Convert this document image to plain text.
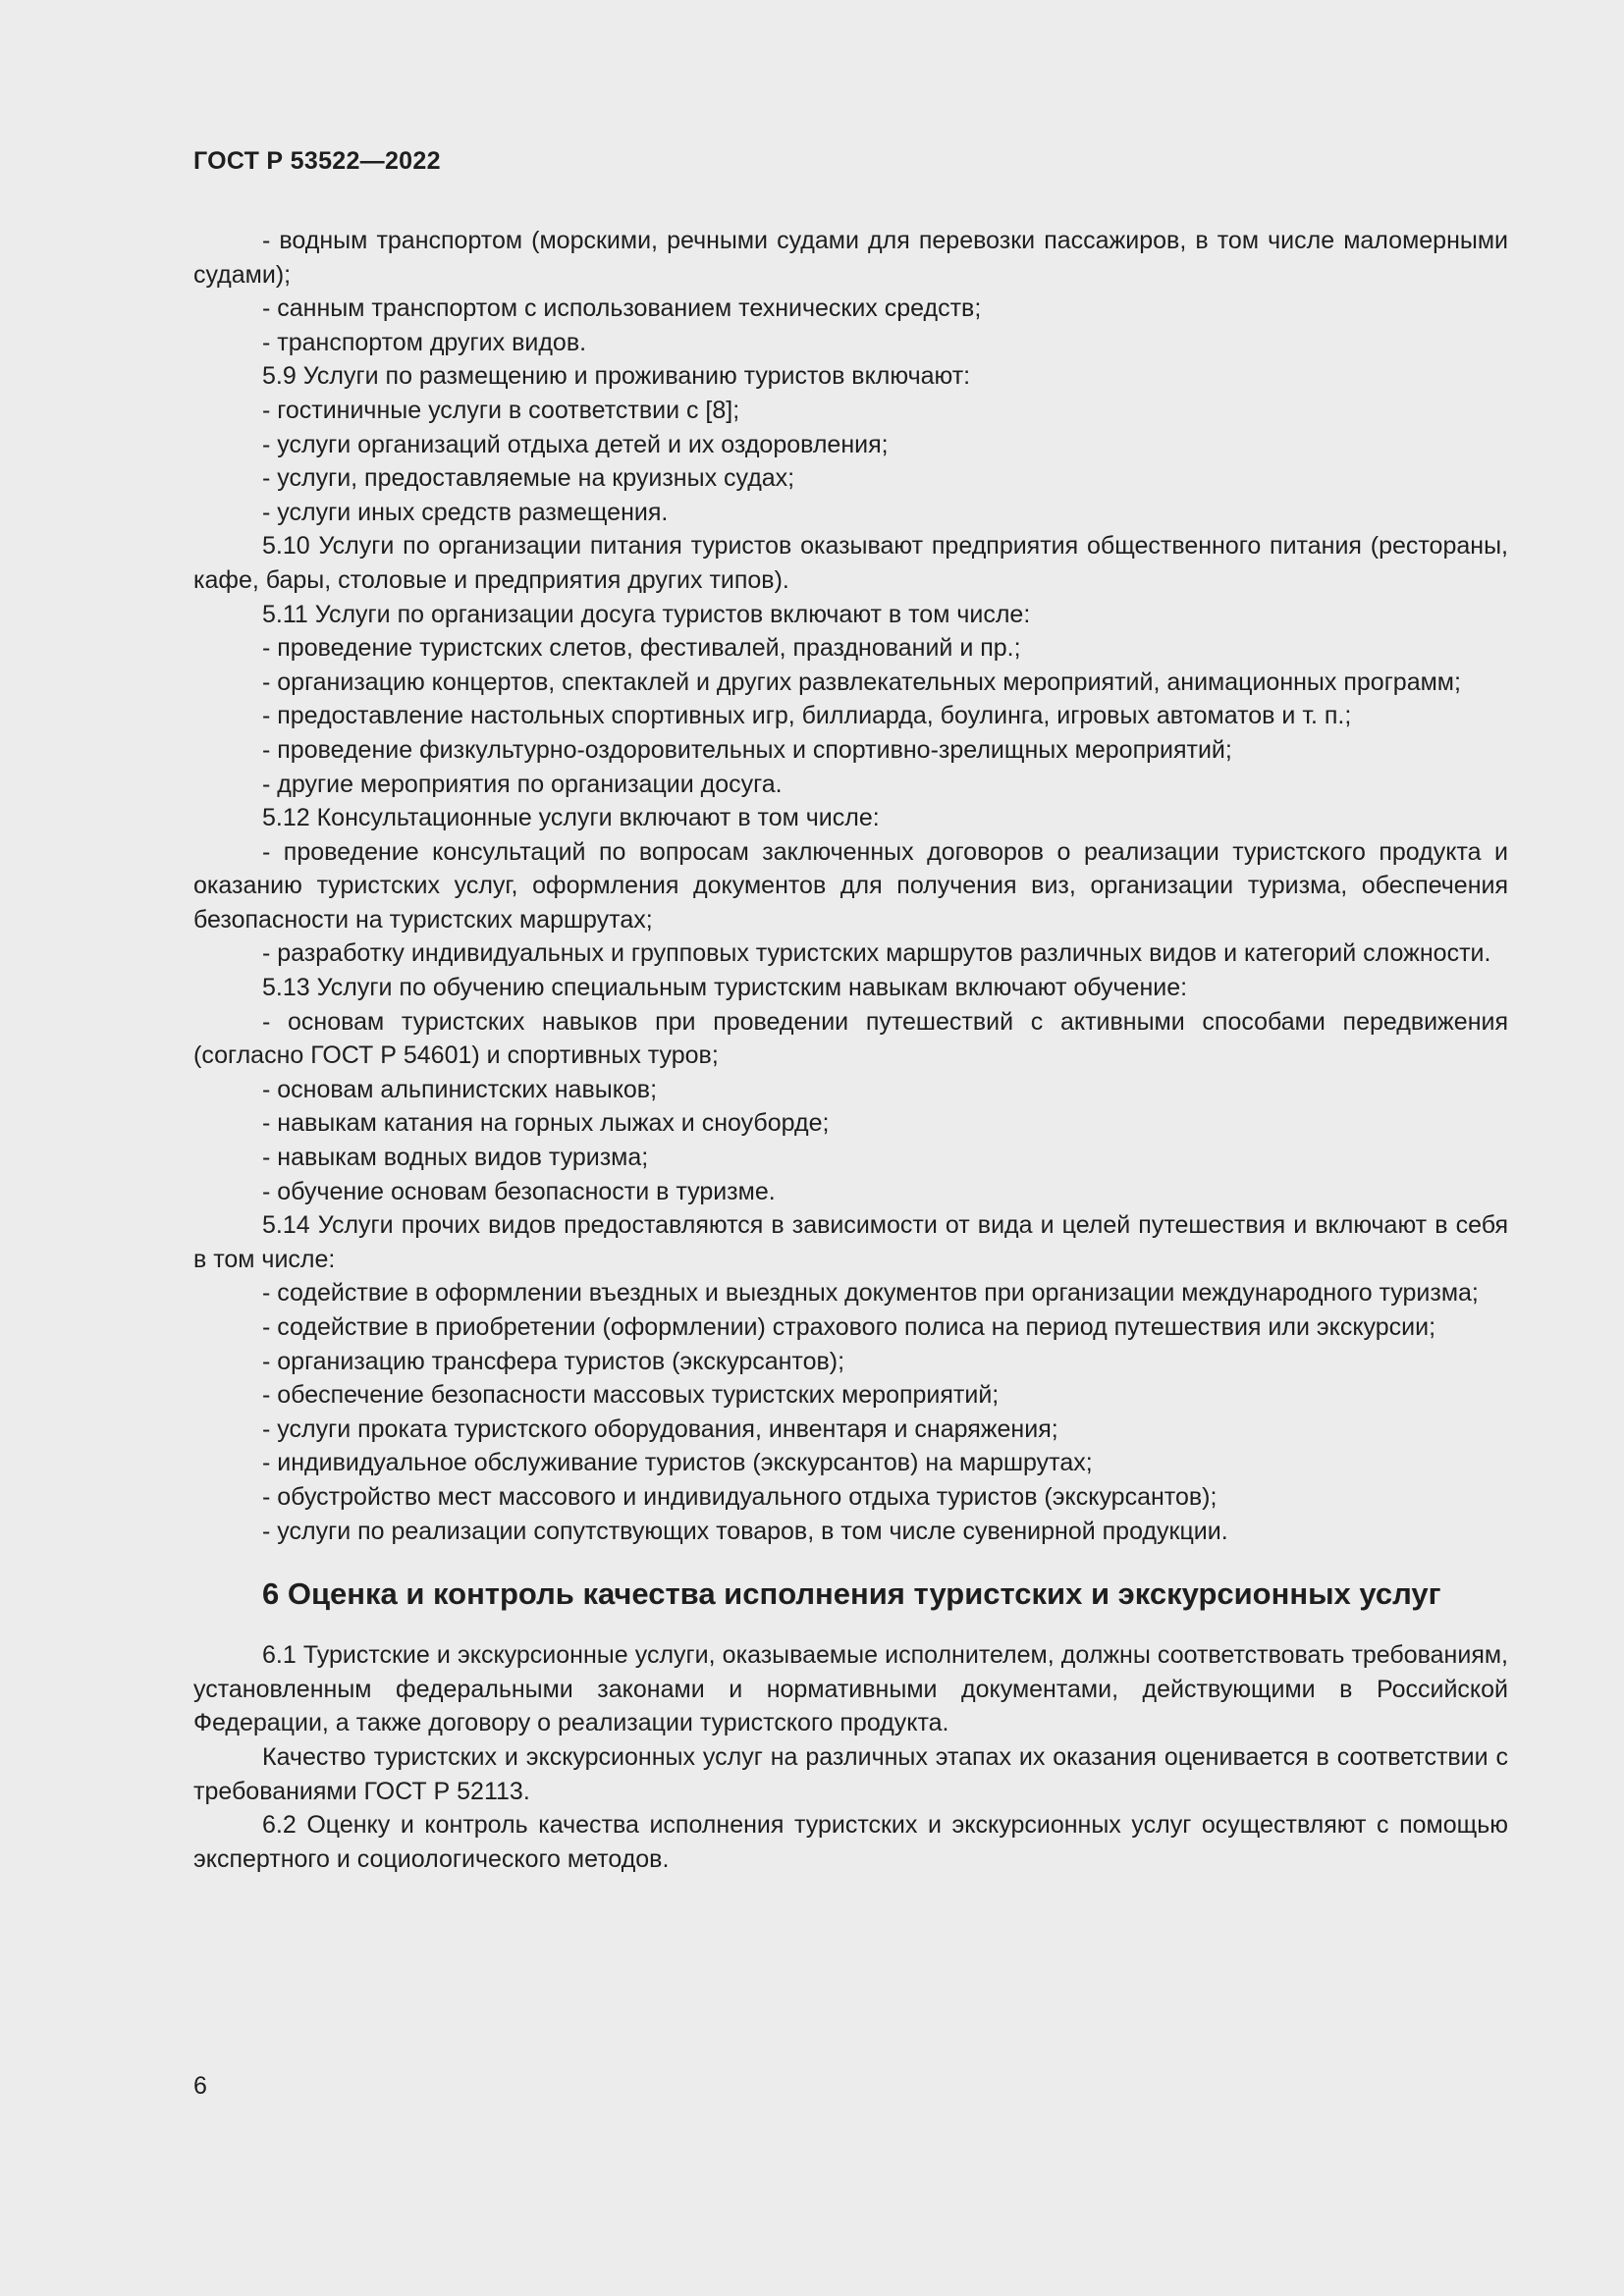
ГОСТ Р 53522—2022

- водным транспортом (морскими, речными судами для перевозки пассажиров, в том числе маломерными судами);

- санным транспортом с использованием технических средств;

- транспортом других видов.

5.9 Услуги по размещению и проживанию туристов включают:

- гостиничные услуги в соответствии с [8];

- услуги организаций отдыха детей и их оздоровления;

- услуги, предоставляемые на круизных судах;

- услуги иных средств размещения.

5.10 Услуги по организации питания туристов оказывают предприятия общественного питания (рестораны, кафе, бары, столовые и предприятия других типов).

5.11 Услуги по организации досуга туристов включают в том числе:

- проведение туристских слетов, фестивалей, празднований и пр.;

- организацию концертов, спектаклей и других развлекательных мероприятий, анимационных программ;

- предоставление настольных спортивных игр, биллиарда, боулинга, игровых автоматов и т. п.;

- проведение физкультурно-оздоровительных и спортивно-зрелищных мероприятий;

- другие мероприятия по организации досуга.

5.12 Консультационные услуги включают в том числе:

- проведение консультаций по вопросам заключенных договоров о реализации туристского продукта и оказанию туристских услуг, оформления документов для получения виз, организации туризма, обеспечения безопасности на туристских маршрутах;

- разработку индивидуальных и групповых туристских маршрутов различных видов и категорий сложности.

5.13 Услуги по обучению специальным туристским навыкам включают обучение:

- основам туристских навыков при проведении путешествий с активными способами передвижения (согласно ГОСТ Р 54601) и спортивных туров;

- основам альпинистских навыков;

- навыкам катания на горных лыжах и сноуборде;

- навыкам водных видов туризма;

- обучение основам безопасности в туризме.

5.14 Услуги прочих видов предоставляются в зависимости от вида и целей путешествия и включают в себя в том числе:

- содействие в оформлении въездных и выездных документов при организации международного туризма;

- содействие в приобретении (оформлении) страхового полиса на период путешествия или экскурсии;

- организацию трансфера туристов (экскурсантов);

- обеспечение безопасности массовых туристских мероприятий;

- услуги проката туристского оборудования, инвентаря и снаряжения;

- индивидуальное обслуживание туристов (экскурсантов) на маршрутах;

- обустройство мест массового и индивидуального отдыха туристов (экскурсантов);

- услуги по реализации сопутствующих товаров, в том числе сувенирной продукции.

6 Оценка и контроль качества исполнения туристских и экскурсионных услуг

6.1 Туристские и экскурсионные услуги, оказываемые исполнителем, должны соответствовать требованиям, установленным федеральными законами и нормативными документами, действующими в Российской Федерации, а также договору о реализации туристского продукта.

Качество туристских и экскурсионных услуг на различных этапах их оказания оценивается в соответствии с требованиями ГОСТ Р 52113.

6.2 Оценку и контроль качества исполнения туристских и экскурсионных услуг осуществляют с помощью экспертного и социологического методов.

6
